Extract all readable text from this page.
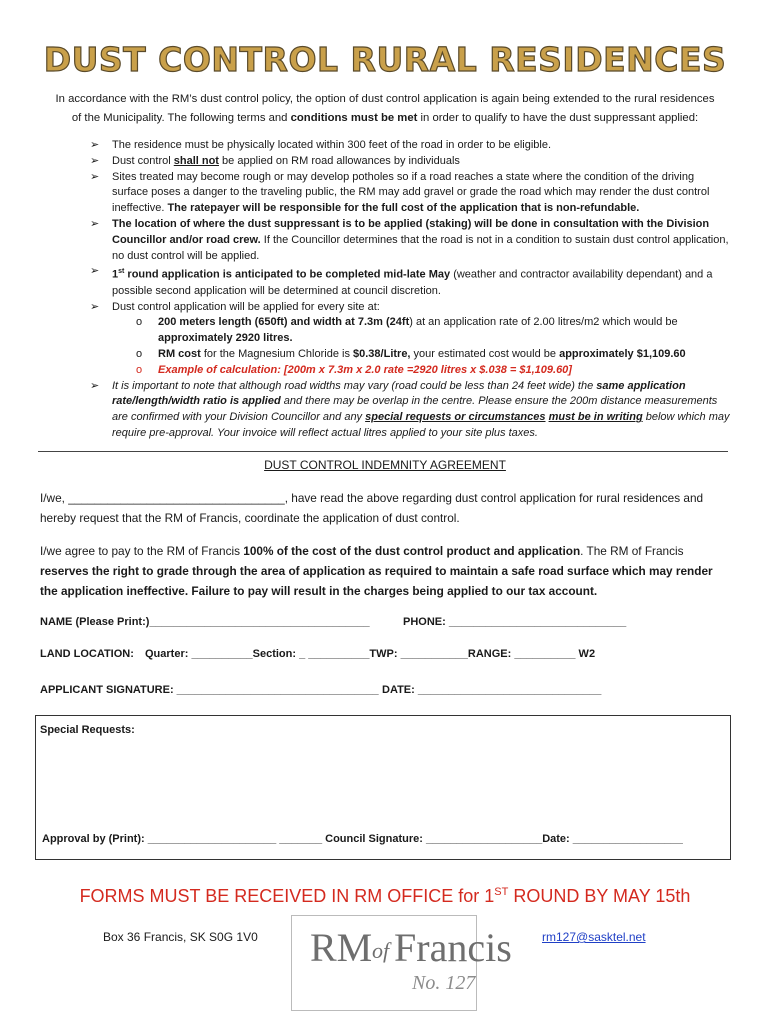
DUST CONTROL RURAL RESIDENCES
In accordance with the RM’s dust control policy, the option of dust control application is again being extended to the rural residences
of the Municipality. The following terms and conditions must be met in order to qualify to have the dust suppressant applied:
➢ The residence must be physically located within 300 feet of the road in order to be eligible.
➢ Dust control shall not be applied on RM road allowances by individuals
➢ Sites treated may become rough or may develop potholes so if a road reaches a state where the condition of the driving surface poses a danger to the traveling public, the RM may add gravel or grade the road which may render the dust control ineffective. The ratepayer will be responsible for the full cost of the application that is non-refundable.
➢ The location of where the dust suppressant is to be applied (staking) will be done in consultation with the Division Councillor and/or road crew. If the Councillor determines that the road is not in a condition to sustain dust control application, no dust control will be applied.
➢ 1st round application is anticipated to be completed mid-late May (weather and contractor availability dependant) and a possible second application will be determined at council discretion.
➢ Dust control application will be applied for every site at:
o 200 meters length (650ft) and width at 7.3m (24ft) at an application rate of 2.00 litres/m2 which would be approximately 2920 litres.
o RM cost for the Magnesium Chloride is $0.38/Litre, your estimated cost would be approximately $1,109.60
o Example of calculation: [200m x 7.3m x 2.0 rate =2920 litres x $.038 = $1,109.60]
➢ It is important to note that although road widths may vary (road could be less than 24 feet wide) the same application rate/length/width ratio is applied and there may be overlap in the centre. Please ensure the 200m distance measurements are confirmed with your Division Councillor and any special requests or circumstances must be in writing below which may require pre-approval. Your invoice will reflect actual litres applied to your site plus taxes.
DUST CONTROL INDEMNITY AGREEMENT
I/we, _________________________________, have read the above regarding dust control application for rural residences and hereby request that the RM of Francis, coordinate the application of dust control.
I/we agree to pay to the RM of Francis 100% of the cost of the dust control product and application. The RM of Francis reserves the right to grade through the area of application as required to maintain a safe road surface which may render the application ineffective. Failure to pay will result in the charges being applied to our tax account.
NAME (Please Print:)____________________________________	PHONE: _____________________________
LAND LOCATION: Quarter: __________Section: _ __________TWP: ___________RANGE: __________ W2
APPLICANT SIGNATURE: _________________________________ DATE: ______________________________
Special Requests:
Approval by (Print): _____________________ _______ Council Signature: ___________________Date: __________________
FORMS MUST BE RECEIVED IN RM OFFICE for 1ST ROUND BY MAY 15th
Box 36 Francis, SK S0G 1V0 RM of Francis
No. 127
rm127@sasktel.net
